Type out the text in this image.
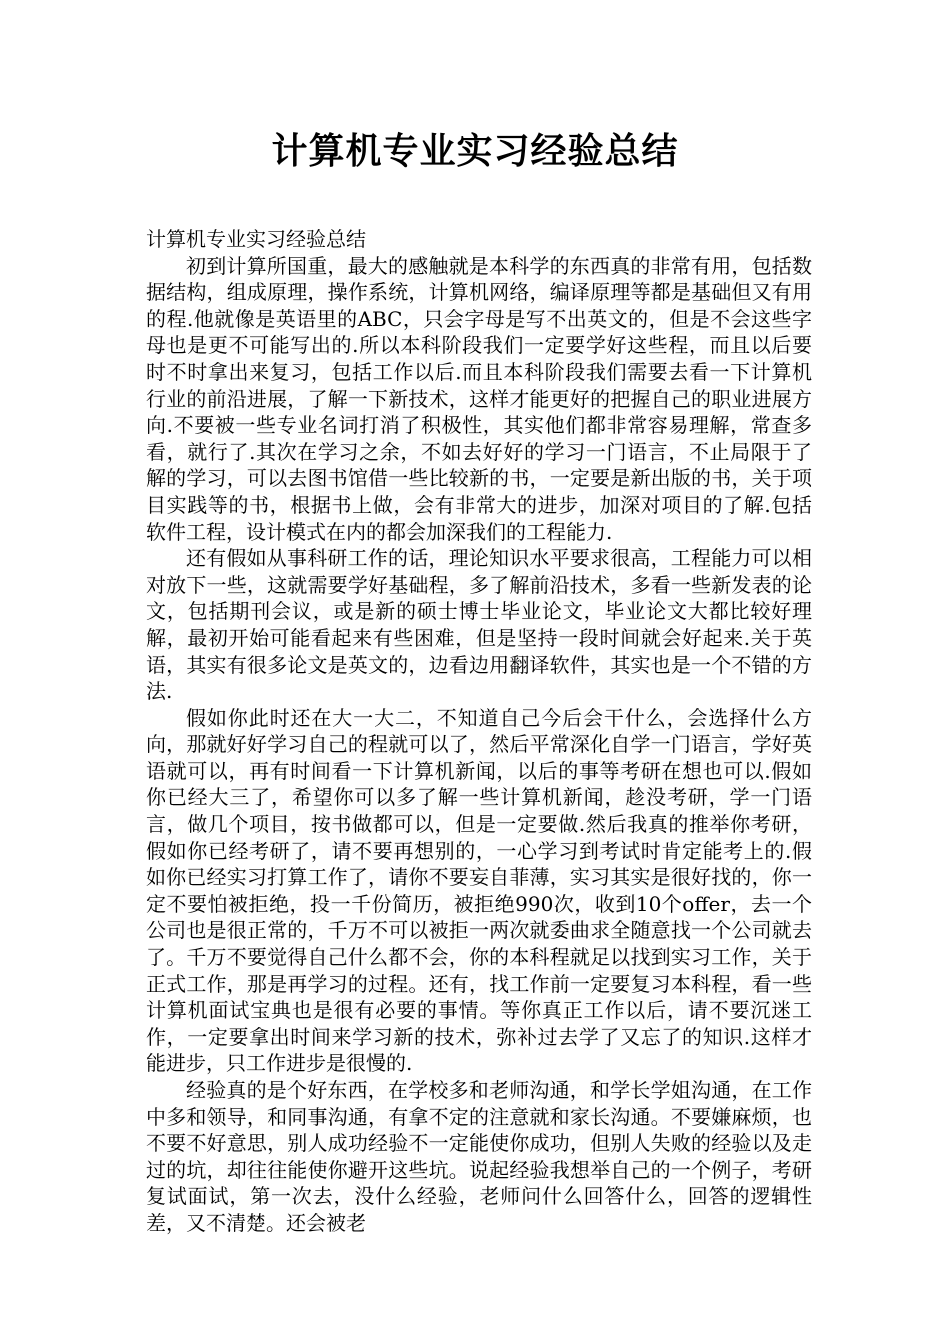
计算机专业实习经验总结

计算机专业实习经验总结

初到计算所国重，最大的感触就是本科学的东西真的非常有用，包括数据结构，组成原理，操作系统，计算机网络，编译原理等都是基础但又有用的程.他就像是英语里的ABC，只会字母是写不出英文的，但是不会这些字母也是更不可能写出的.所以本科阶段我们一定要学好这些程，而且以后要时不时拿出来复习，包括工作以后.而且本科阶段我们需要去看一下计算机行业的前沿进展，了解一下新技术，这样才能更好的把握自己的职业进展方向.不要被一些专业名词打消了积极性，其实他们都非常容易理解，常查多看，就行了.其次在学习之余，不如去好好的学习一门语言，不止局限于了解的学习，可以去图书馆借一些比较新的书，一定要是新出版的书，关于项目实践等的书，根据书上做，会有非常大的进步，加深对项目的了解.包括软件工程，设计模式在内的都会加深我们的工程能力.

还有假如从事科研工作的话，理论知识水平要求很高，工程能力可以相对放下一些，这就需要学好基础程，多了解前沿技术，多看一些新发表的论文，包括期刊会议，或是新的硕士博士毕业论文，毕业论文大都比较好理解，最初开始可能看起来有些困难，但是坚持一段时间就会好起来.关于英语，其实有很多论文是英文的，边看边用翻译软件，其实也是一个不错的方法.

假如你此时还在大一大二，不知道自己今后会干什么，会选择什么方向，那就好好学习自己的程就可以了，然后平常深化自学一门语言，学好英语就可以，再有时间看一下计算机新闻，以后的事等考研在想也可以.假如你已经大三了，希望你可以多了解一些计算机新闻，趁没考研，学一门语言，做几个项目，按书做都可以，但是一定要做.然后我真的推举你考研，假如你已经考研了，请不要再想别的，一心学习到考试时肯定能考上的.假如你已经实习打算工作了，请你不要妄自菲薄，实习其实是很好找的，你一定不要怕被拒绝，投一千份简历，被拒绝990次，收到10个offer，去一个公司也是很正常的，千万不可以被拒一两次就委曲求全随意找一个公司就去了。千万不要觉得自己什么都不会，你的本科程就足以找到实习工作，关于正式工作，那是再学习的过程。还有，找工作前一定要复习本科程，看一些计算机面试宝典也是很有必要的事情。等你真正工作以后，请不要沉迷工作，一定要拿出时间来学习新的技术，弥补过去学了又忘了的知识.这样才能进步，只工作进步是很慢的.

经验真的是个好东西，在学校多和老师沟通，和学长学姐沟通，在工作中多和领导，和同事沟通，有拿不定的注意就和家长沟通。不要嫌麻烦，也不要不好意思，别人成功经验不一定能使你成功，但别人失败的经验以及走过的坑，却往往能使你避开这些坑。说起经验我想举自己的一个例子，考研复试面试，第一次去，没什么经验，老师问什么回答什么，回答的逻辑性差，又不清楚。还会被老
